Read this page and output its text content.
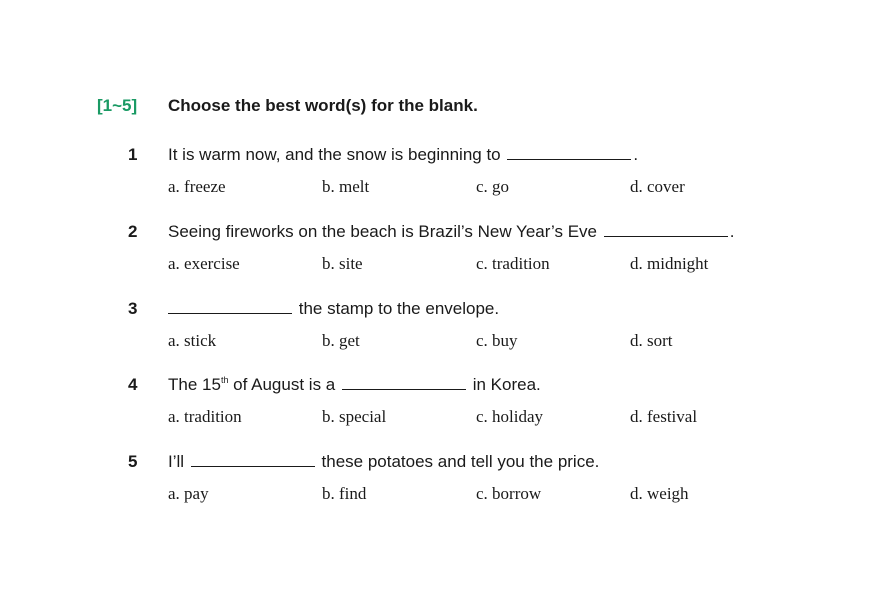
[1~5]	Choose the best word(s) for the blank.
1	It is warm now, and the snow is beginning to	.
a. freeze	b. melt	c. go	d. cover
2	Seeing fireworks on the beach is Brazil’s New Year’s Eve	.
a. exercise	b. site	c. tradition	d. midnight
3	the stamp to the envelope.
a. stick	b. get	c. buy	d. sort
4	The 15th of August is a	in Korea.
a. tradition	b. special	c. holiday	d. festival
5	I’ll	these potatoes and tell you the price.
a. pay	b. find	c. borrow	d. weigh
